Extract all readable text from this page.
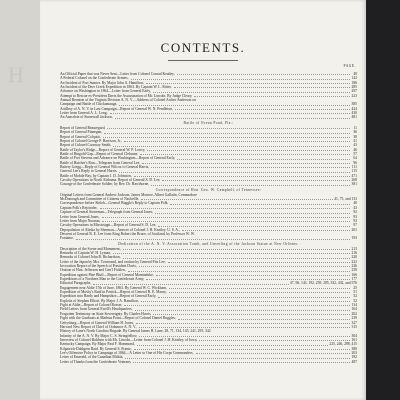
H
CONTENTS.
PAGE.
An Official Paper that was Never Sent—Letter from Colonel Conrad Keatley,	49
A Federal Colonel on the Confederate Armies,	142
An Incident of Fort Sumter. By Major John A. Hamilton,	186
An Incident of the Deer Creek Expedition in 1863. By Captain W. L. Ritter,	285
Advance on Washington in 1864—Letter from General Early,	297
Attempt to Rescue ex-President Davis the Assassination of Mr. Lincoln. By Judge Cleary,	223
Annual Reunion of the Virginia Division A. N. V.—Address of Colonel Archer Anderson on
Campaign and Battle of Chickamauga,	385
Artillery of A. N. V. in Last Campaign—Report of General W. N. Pendleton,	424
Letter from General A. L. Long,	430
An Anecdote of Stonewall Jackson,	481
Battle of Ocean Pond, Fla.:
Report of General Beauregard,	11
Report of General Finnegan,	36
Report of General Colquitt,	38
Report of Colonel George P. Harrison, Jr.,	41
Report of Colonel Caraway Smith,	43
Battle of Taylor's Ridge—Report of General W. P. Lowry,	46
Battle of Ringold Gap—Report of General Cleburne,	57
Battle of Fort Stevens and Advance on Washington—Report of General Early,	64
Battle of Hatcher's Run—Telegram from General Lee,	96
Battery Gregg—Reply of General Wilcox to General Harris,	111
General Lee's Reply to General Harris,	115
Battle of Mobile Bay, by Captain J. D. Johnston,	471
Cavalry Operations in North Alabama. Report of General S. D. Lee,	268
Courage of the Confederate Soldier, by Rev. Dr. Hawthorne,	381
Correspondence of Hon. Geo. W. Campbell, of Tennessee:
Original Letters from General Andrew Jackson, James Monroe, Albert Gallatin, Commodore
McDonough and Committee of Citizens of Nashville,	41, 75, and 133
Correspondence before Shiloh—General Buggle's Reply to Captain Polk,	40
Captain Polk's Rejoinder,	43
Capture of General Stoneman—Telegraph from General Jones,	92
Letter from General Jones,	93
Letter from Major Noonan,	93
Cavalry Operations in Mississippi—Report of General S. D. Lee,	97
Depopulation of Alaska by Sherman—Answer of Colonel J. H. Keatley, U. S. A.,	201
Descent of General R. E. Lee from King Robert the Bruce, of Scotland, by Professor W. W.
Fontaine,	193
Dedication of the A. N. V. Association Tomb, and Unveiling of the Jackson Statue at New Orleans:
Description of the Scene and Monument,	213
Remarks of Captain W. H. Lyman,	216
Remarks of Colonel John B. Richardson,	220
Letter of the Japan by Mrs. Townsend, and oration by General Fitz Lee,	222
Invocation Report of the Speech of President Davis,	236
Oration of Hon. Jefferson and Gen'l Ficklen,	258
Expedition against Pine Bluff—Report of General Marmaduke,	166
Expeditions of a Northern Man to the Confederate Army,	177
Editorial Paragraphs,	47, 96, 143, 192, 239, 285, 332, 432, and 576
Engagement near Aldie 17th of June, 1863. By General W. C. Wickham,	25
Expedition of Mosby's Raid in Patrick—Report of General R. E. Maury,	51
Expedition into Hardy and Hampshire—Report of General Early,	52
Exploits of Stephen Elliott. By Major J. A. Hamilton,	52
Fight at Aldie—Report of Colonel Rosser,	134
Field Letters from General Ewell's Headquarters,	164
Forgotten Testimony on State Sovereignty. By Charles Harris,	202
Fight with the Gunboats at Mathias Point—Report of Colonel Daniel Ruggles,	239
Gettysburg—Report of General William H. Jones,	327
Harvard New Report of Chief of Ordnance A. N. V.,	315
History of Lane's North Carolina Brigade. By General James H. Lane, 28, 71, 134, 145, 241, 295, 342
Infantry of the A. N. V. By Major C. S. Stringfellow,	304
Interview of Colonel Baldwin with Mr. Lincoln—Letter from Colonel J. H. Keatley, of Iowa,	161
Kentucky Campaign. By Major Paul F. Hammond,	225, 246, 288, 415
Kilpatrick-Dahlgren Raid. By General S. Frantz,	380
Lee's Offensive Policy in Campaign of 1864—A Letter to One of His Corps Commanders,	203
Letter of Emerald, of the Canadian Militia,	182
Letter of Thanks from the Confederate Veterans,	487
